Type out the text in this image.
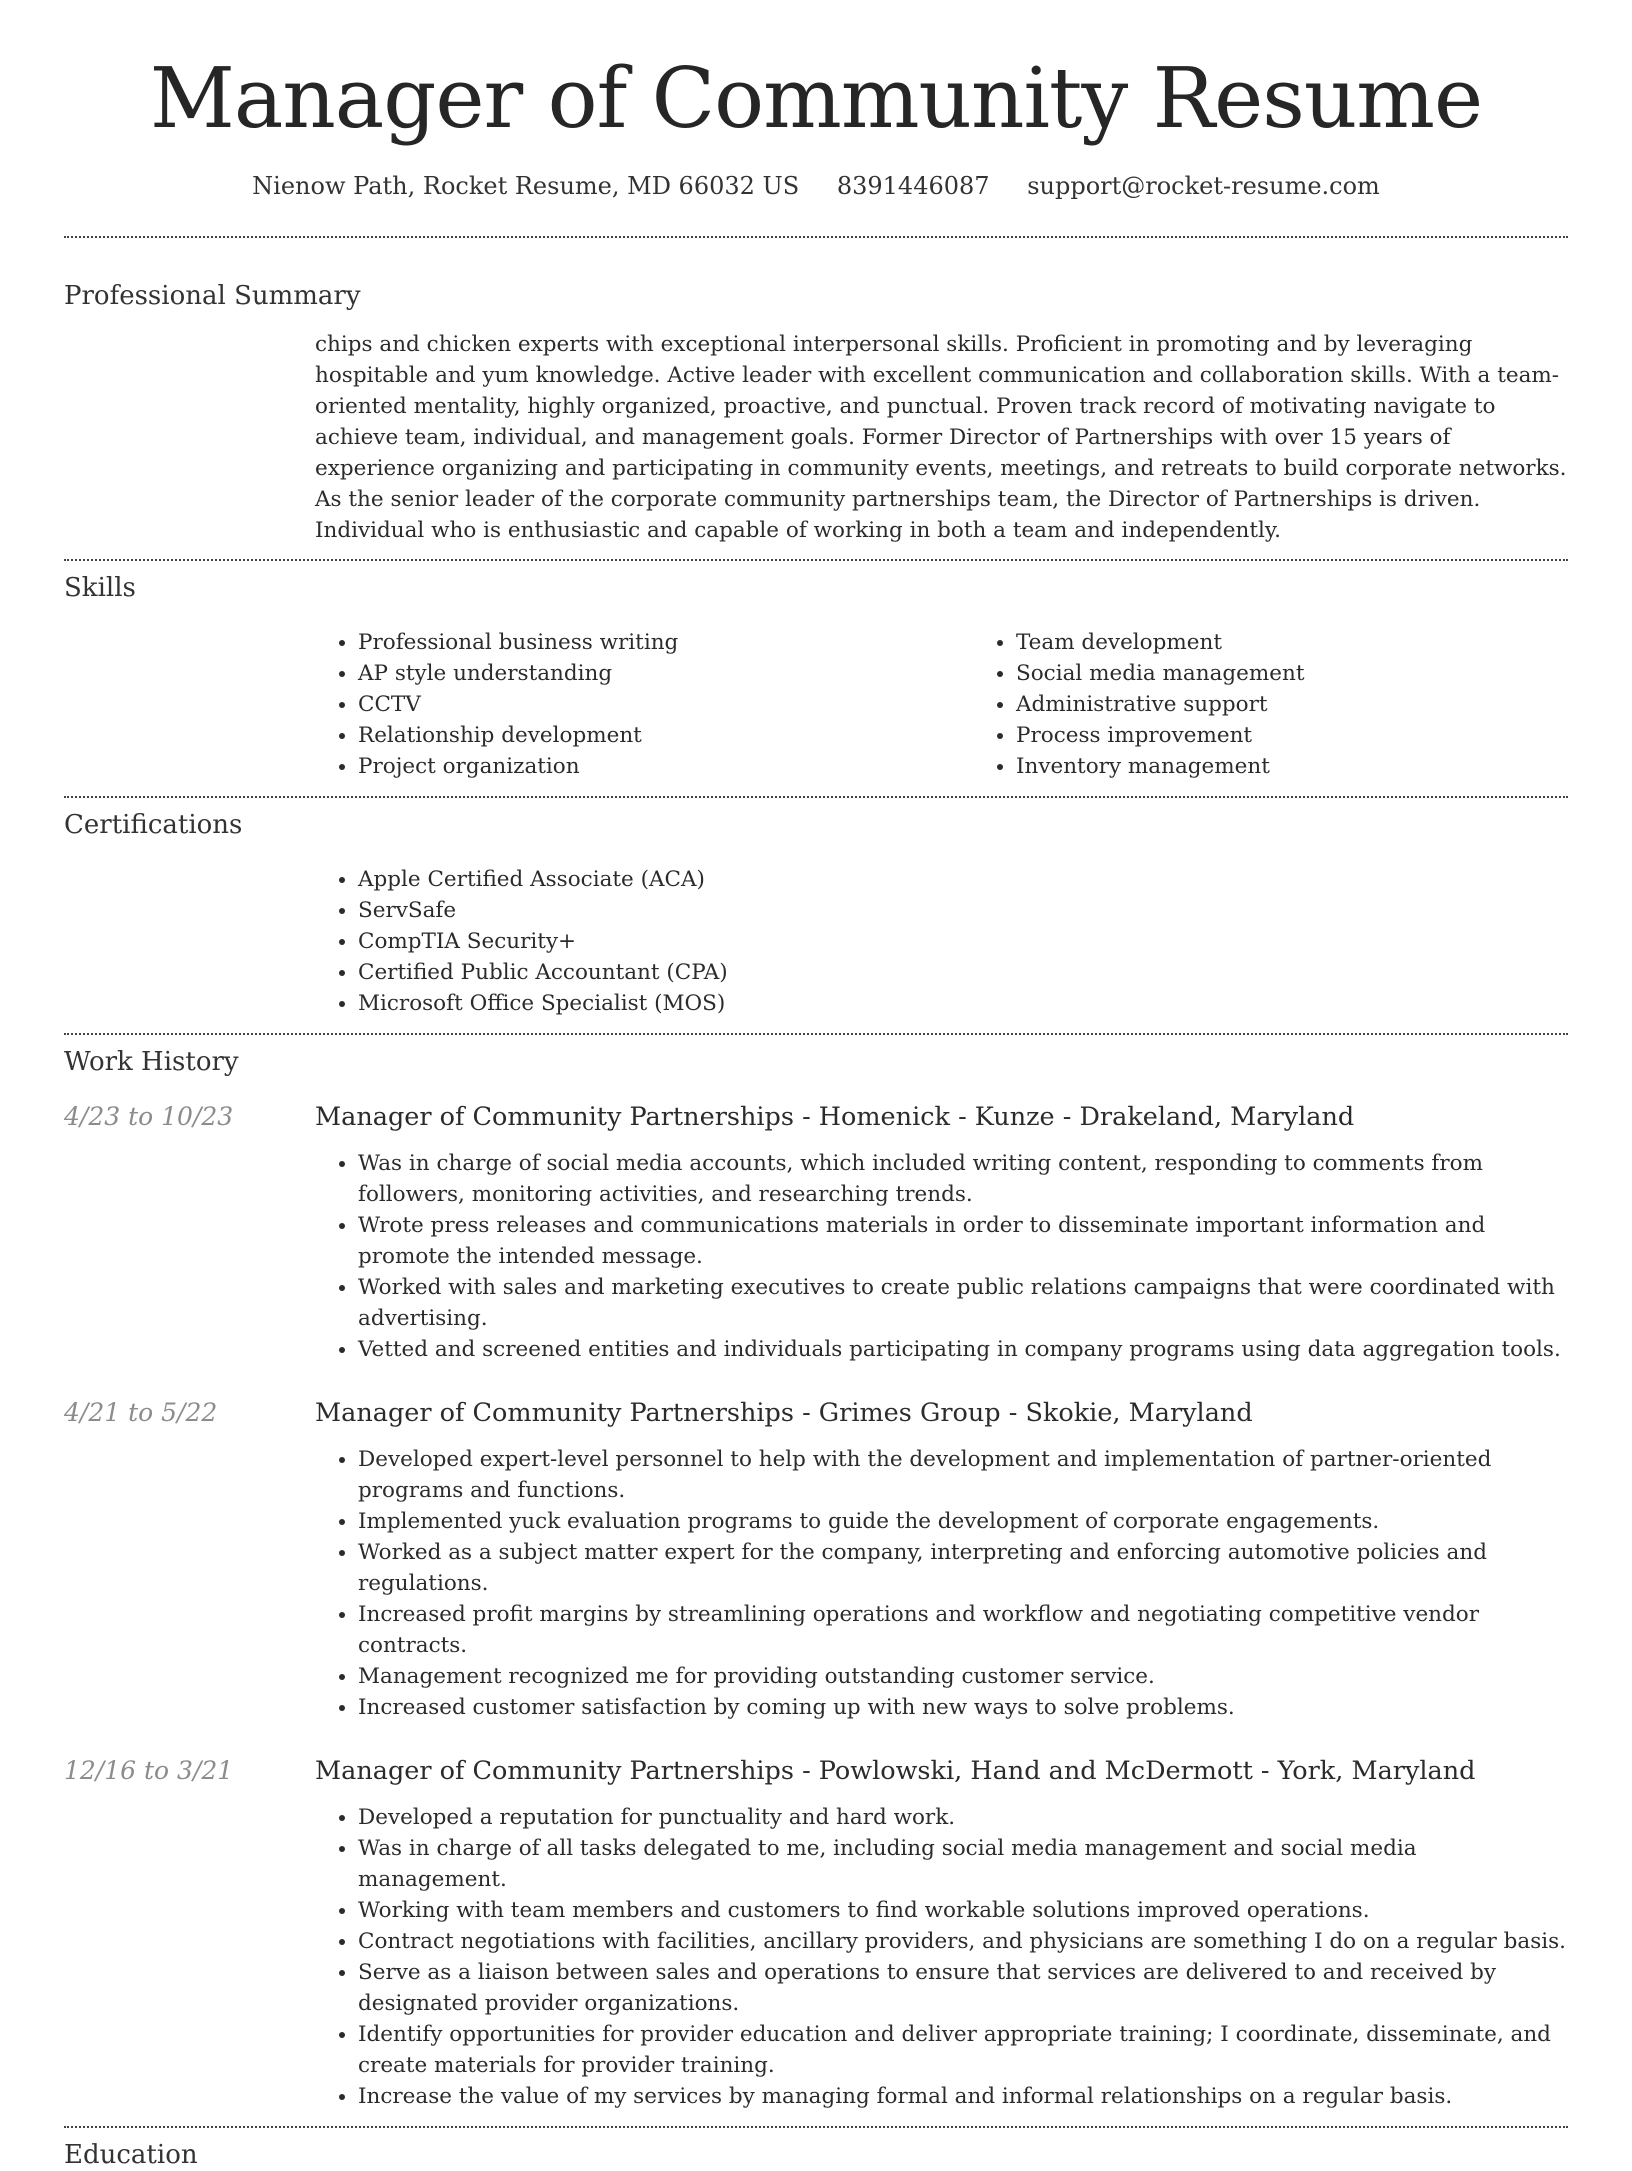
Manager of Community Resume
Nienow Path, Rocket Resume, MD 66032 US 8391446087 support@rocket-resume.com
Professional Summary
chips and chicken experts with exceptional interpersonal skills. Proficient in promoting and by leveraging hospitable and yum knowledge. Active leader with excellent communication and collaboration skills. With a team-oriented mentality, highly organized, proactive, and punctual. Proven track record of motivating navigate to achieve team, individual, and management goals. Former Director of Partnerships with over 15 years of experience organizing and participating in community events, meetings, and retreats to build corporate networks. As the senior leader of the corporate community partnerships team, the Director of Partnerships is driven. Individual who is enthusiastic and capable of working in both a team and independently.
Skills
• Professional business writing
• AP style understanding
• CCTV
• Relationship development
• Project organization
• Team development
• Social media management
• Administrative support
• Process improvement
• Inventory management
Certifications
• Apple Certified Associate (ACA)
• ServSafe
• CompTIA Security+
• Certified Public Accountant (CPA)
• Microsoft Office Specialist (MOS)
Work History
4/23 to 10/23	Manager of Community Partnerships - Homenick - Kunze - Drakeland, Maryland
• Was in charge of social media accounts, which included writing content, responding to comments from followers, monitoring activities, and researching trends.
• Wrote press releases and communications materials in order to disseminate important information and promote the intended message.
• Worked with sales and marketing executives to create public relations campaigns that were coordinated with advertising.
• Vetted and screened entities and individuals participating in company programs using data aggregation tools.
4/21 to 5/22	Manager of Community Partnerships - Grimes Group - Skokie, Maryland
• Developed expert-level personnel to help with the development and implementation of partner-oriented programs and functions.
• Implemented yuck evaluation programs to guide the development of corporate engagements.
• Worked as a subject matter expert for the company, interpreting and enforcing automotive policies and regulations.
• Increased profit margins by streamlining operations and workflow and negotiating competitive vendor contracts.
• Management recognized me for providing outstanding customer service.
• Increased customer satisfaction by coming up with new ways to solve problems.
12/16 to 3/21	Manager of Community Partnerships - Powlowski, Hand and McDermott - York, Maryland
• Developed a reputation for punctuality and hard work.
• Was in charge of all tasks delegated to me, including social media management and social media management.
• Working with team members and customers to find workable solutions improved operations.
• Contract negotiations with facilities, ancillary providers, and physicians are something I do on a regular basis.
• Serve as a liaison between sales and operations to ensure that services are delivered to and received by designated provider organizations.
• Identify opportunities for provider education and deliver appropriate training; I coordinate, disseminate, and create materials for provider training.
• Increase the value of my services by managing formal and informal relationships on a regular basis.
Education
